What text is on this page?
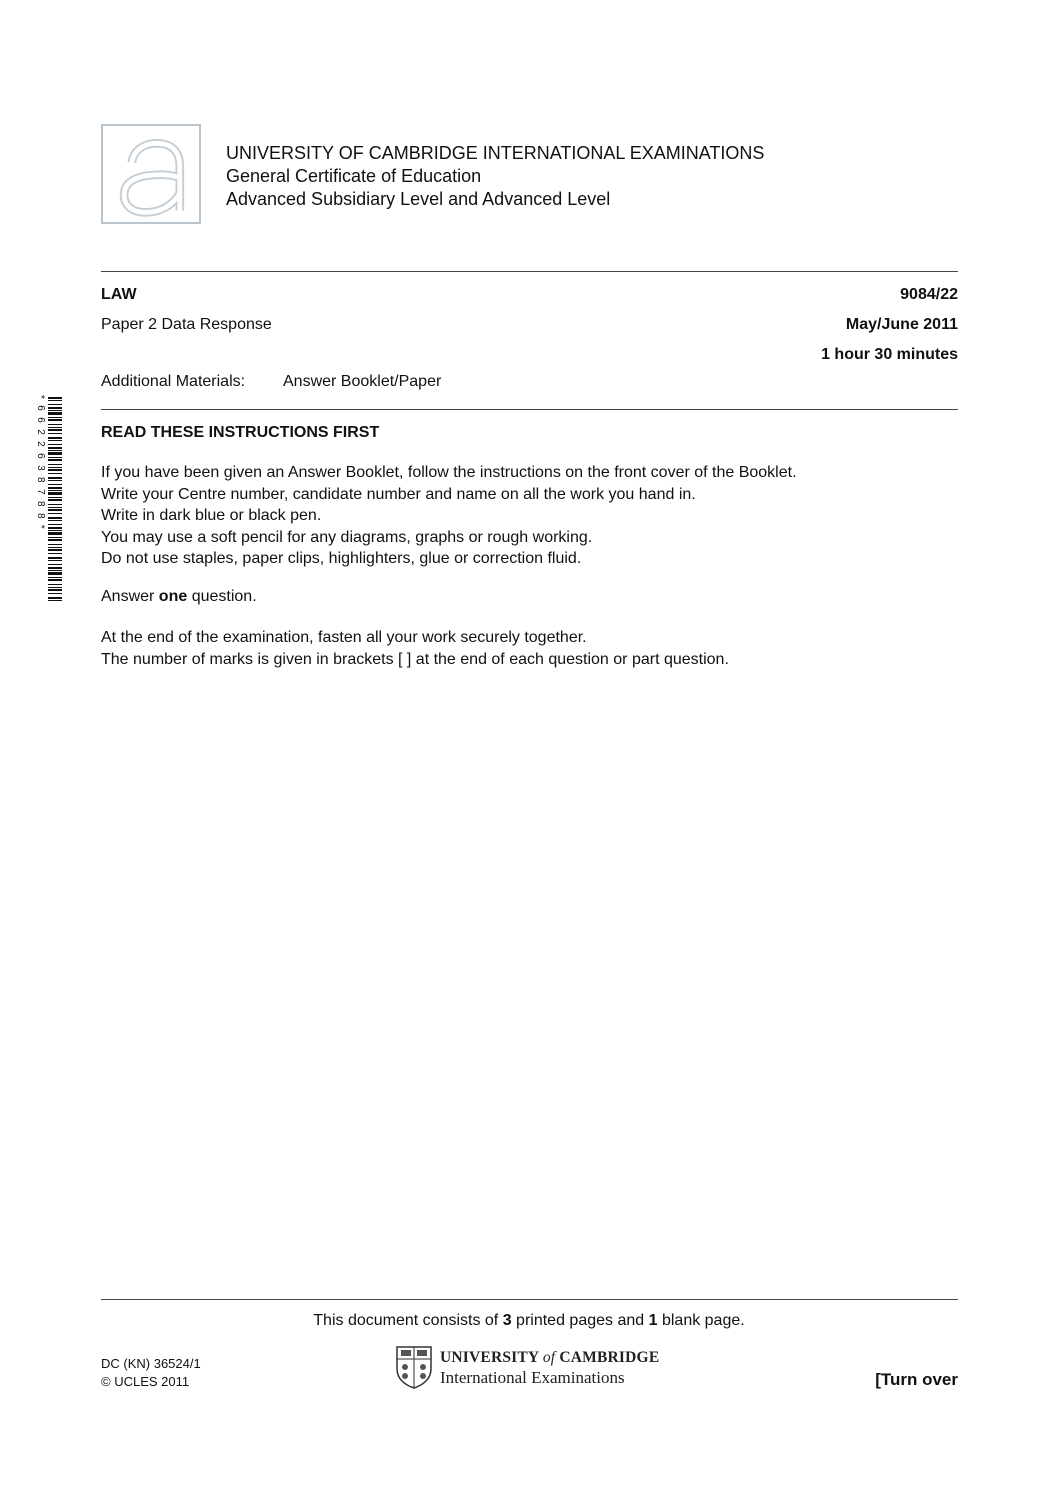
UNIVERSITY OF CAMBRIDGE INTERNATIONAL EXAMINATIONS
General Certificate of Education
Advanced Subsidiary Level and Advanced Level
LAW	9084/22
Paper 2 Data Response	May/June 2011
1 hour 30 minutes
Additional Materials: Answer Booklet/Paper
*6622638788*	READ THESE INSTRUCTIONS FIRST
If you have been given an Answer Booklet, follow the instructions on the front cover of the Booklet.
Write your Centre number, candidate number and name on all the work you hand in.
Write in dark blue or black pen.
You may use a soft pencil for any diagrams, graphs or rough working.
Do not use staples, paper clips, highlighters, glue or correction fluid.
Answer one question.
At the end of the examination, fasten all your work securely together.
The number of marks is given in brackets [ ] at the end of each question or part question.
This document consists of 3 printed pages and 1 blank page.
DC (KN) 36524/1
© UCLES 2011
UNIVERSITY of CAMBRIDGE
International Examinations	[Turn over
